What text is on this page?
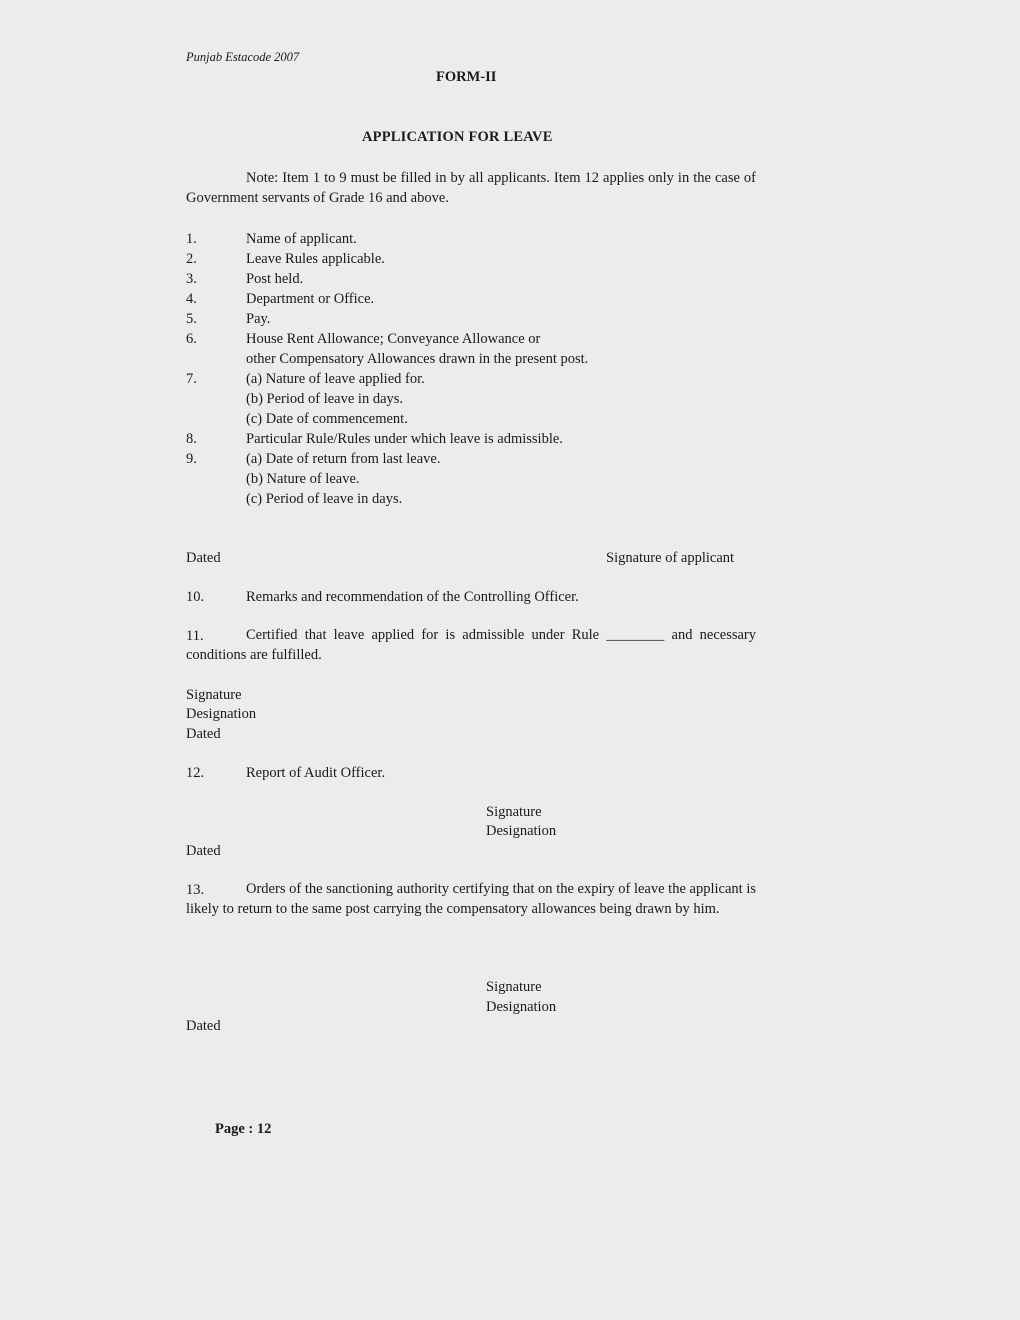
Punjab Estacode 2007
FORM-II
APPLICATION FOR LEAVE
Note: Item 1 to 9 must be filled in by all applicants. Item 12 applies only in the case of Government servants of Grade 16 and above.
1.	Name of applicant.
2.	Leave Rules applicable.
3.	Post held.
4.	Department or Office.
5.	Pay.
6.	House Rent Allowance; Conveyance Allowance or
other Compensatory Allowances drawn in the present post.
7.	(a) Nature of leave applied for.
(b) Period of leave in days.
(c) Date of commencement.
8.	Particular Rule/Rules under which leave is admissible.
9.	(a) Date of return from last leave.
(b) Nature of leave.
(c) Period of leave in days.
Dated	Signature of applicant
10.	Remarks and recommendation of the Controlling Officer.
11.	Certified that leave applied for is admissible under Rule ________ and necessary conditions are fulfilled.
Signature
Designation
Dated
12.	Report of Audit Officer.
Signature
Designation
Dated
13.	Orders of the sanctioning authority certifying that on the expiry of leave the applicant is likely to return to the same post carrying the compensatory allowances being drawn by him.
Signature
Designation
Dated
Page : 12
